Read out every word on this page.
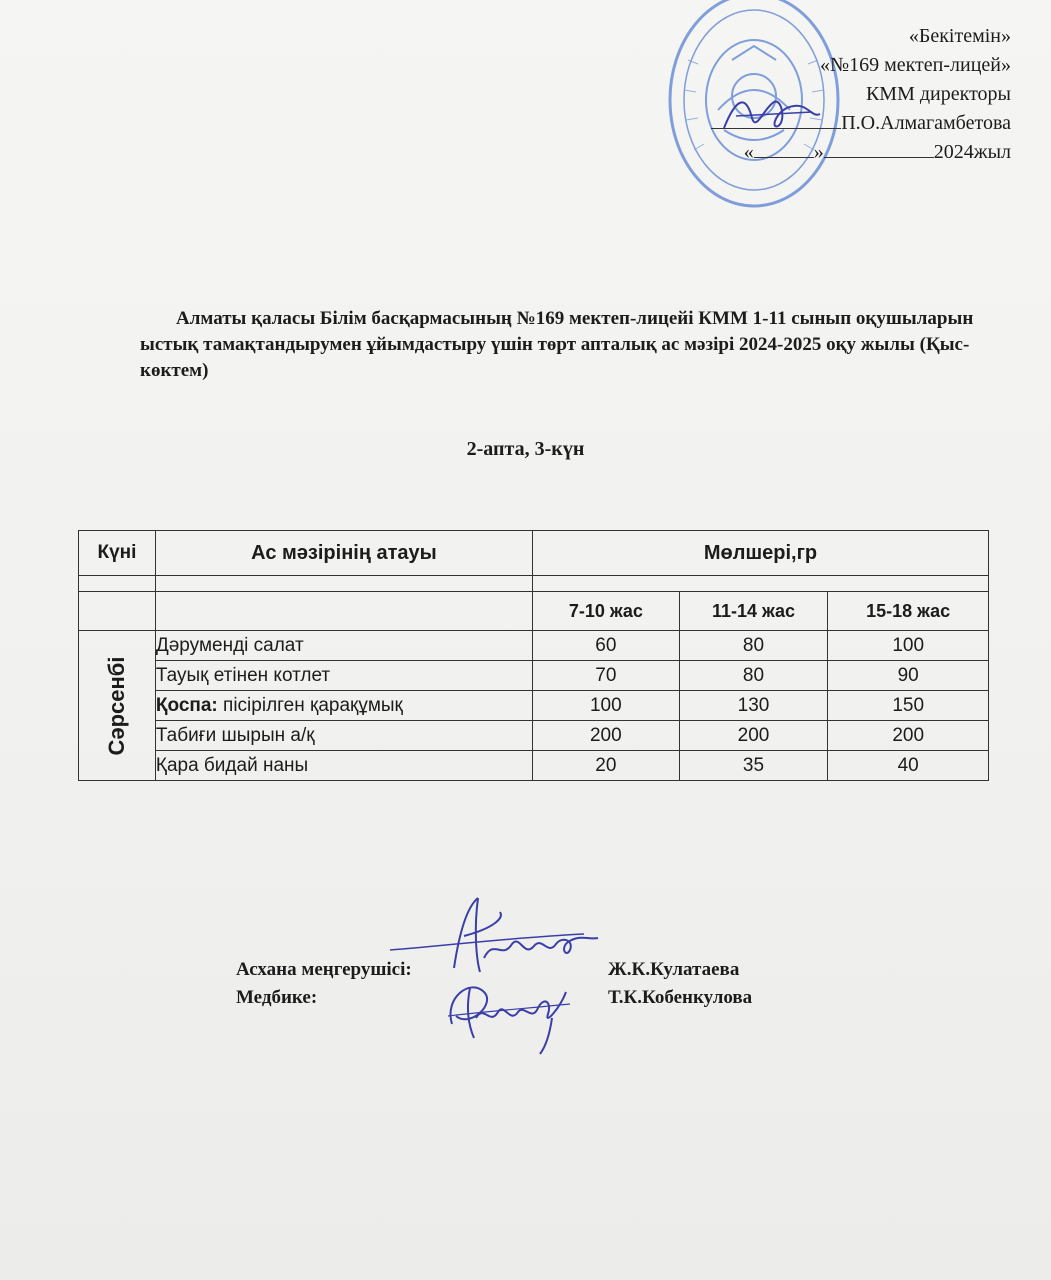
«Бекітемін»
«№169 мектеп-лицей»
КММ директоры
П.О.Алмагамбетова
«	»	2024жыл
Алматы қаласы Білім басқармасының №169 мектеп-лицейі КММ 1-11 сынып оқушыларын ыстық тамақтандырумен ұйымдастыру үшін төрт апталық ас мәзірі 2024-2025 оқу жылы (Қыс-көктем)
2-апта, 3-күн
Күні	Ас мәзірінің атауы	Мөлшері,гр		

		7-10 жас	11-14 жас	15-18 жас

Сәрсенбі	Дәруменді салат	60	80	100
	Тауық етінен котлет	70	80	90
	Қоспа: пісірілген қарақұмық	100	130	150
	Табиғи шырын а/қ	200	200	200
	Қара бидай наны	20	35	40
Асхана меңгерушісі:	Ж.К.Кулатаева
Медбике:	Т.К.Кобенкулова
